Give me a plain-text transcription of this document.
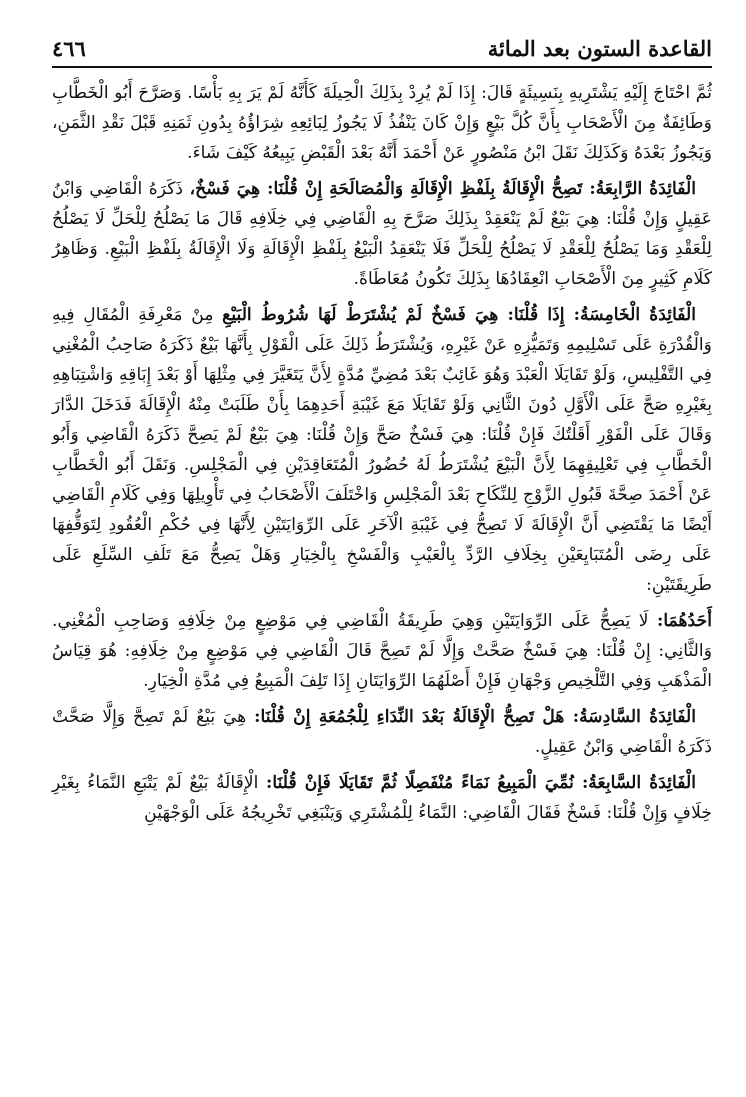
القاعدة الستون بعد المائة
٤٦٦

ثُمَّ احْتَاجَ إِلَيْهِ يَشْتَرِيهِ بِنَسِيئَةٍ قَالَ: إِذَا لَمْ يُرِدْ بِذَلِكَ الْحِيلَةَ كَأَنَّهُ لَمْ يَرَ بِهِ بَأْسًا. وَصَرَّحَ أَبُو الْخَطَّابِ وَطَائِفَةٌ مِنَ الْأَصْحَابِ بِأَنَّ كُلَّ بَيْعٍ وَإِنْ كَانَ يَنْفُذُ لَا يَجُوزُ لِبَائِعِهِ شِرَاؤُهُ بِدُونِ ثَمَنِهِ قَبْلَ نَقْدِ الثَّمَنِ، وَيَجُوزُ بَعْدَهُ وَكَذَلِكَ نَقَلَ ابْنُ مَنْصُورٍ عَنْ أَحْمَدَ أَنَّهُ بَعْدَ الْقَبْضِ يَبِيعُهُ كَيْفَ شَاءَ.

الْفَائِدَةُ الرَّابِعَةُ: تَصِحُّ الْإِقَالَةُ بِلَفْظِ الْإِقَالَةِ وَالْمُصَالَحَةِ إِنْ قُلْنَا: هِيَ فَسْخٌ، ذَكَرَهُ الْقَاضِي وَابْنُ عَقِيلٍ وَإِنْ قُلْنَا: هِيَ بَيْعٌ لَمْ يَنْعَقِدْ بِذَلِكَ صَرَّحَ بِهِ الْقَاضِي فِي خِلَافِهِ قَالَ مَا يَصْلُحُ لِلْحَلِّ لَا يَصْلُحُ لِلْعَقْدِ وَمَا يَصْلُحُ لِلْعَقْدِ لَا يَصْلُحُ لِلْحَلِّ فَلَا يَنْعَقِدُ الْبَيْعُ بِلَفْظِ الْإِقَالَةِ وَلَا الْإِقَالَةُ بِلَفْظِ الْبَيْعِ. وَظَاهِرُ كَلَامِ كَثِيرٍ مِنَ الْأَصْحَابِ انْعِقَادُهَا بِذَلِكَ تَكُونُ مُعَاطَاةً.

الْفَائِدَةُ الْخَامِسَةُ: إِذَا قُلْنَا: هِيَ فَسْخٌ لَمْ يُشْتَرَطْ لَهَا شُرُوطُ الْبَيْعِ مِنْ مَعْرِفَةِ الْمُقَالِ فِيهِ وَالْقُدْرَةِ عَلَى تَسْلِيمِهِ وَتَمَيُّزِهِ عَنْ غَيْرِهِ، وَيُشْتَرَطُ ذَلِكَ عَلَى الْقَوْلِ بِأَنَّهَا بَيْعٌ ذَكَرَهُ صَاحِبُ الْمُغْنِي فِي التَّفْلِيسِ، وَلَوْ تَقَايَلَا الْعَبْدَ وَهُوَ غَائِبٌ بَعْدَ مُضِيِّ مُدَّةٍ لِأَنَّ يَتَغَيَّرَ فِي مِثْلِهَا أَوْ بَعْدَ إِبَاقِهِ وَاشْتِبَاهِهِ بِغَيْرِهِ صَحَّ عَلَى الْأَوَّلِ دُونَ الثَّانِي وَلَوْ تَقَايَلَا مَعَ غَيْبَةِ أَحَدِهِمَا بِأَنْ طَلَبَتْ مِنْهُ الْإِقَالَةَ فَدَخَلَ الدَّارَ وَقَالَ عَلَى الْفَوْرِ أَقَلْتُكَ فَإِنْ قُلْنَا: هِيَ فَسْخٌ صَحَّ وَإِنْ قُلْنَا: هِيَ بَيْعٌ لَمْ يَصِحَّ ذَكَرَهُ الْقَاضِي وَأَبُو الْخَطَّابِ فِي تَعْلِيقِهِمَا لِأَنَّ الْبَيْعَ يُشْتَرَطُ لَهُ حُضُورُ الْمُتَعَاقِدَيْنِ فِي الْمَجْلِسِ. وَنَقَلَ أَبُو الْخَطَّابِ عَنْ أَحْمَدَ صِحَّةَ قَبُولِ الزَّوْجِ لِلنِّكَاحِ بَعْدَ الْمَجْلِسِ وَاخْتَلَفَ الْأَصْحَابُ فِي تَأْوِيلِهَا وَفِي كَلَامِ الْقَاضِي أَيْضًا مَا يَقْتَضِي أَنَّ الْإِقَالَةَ لَا تَصِحُّ فِي غَيْبَةِ الْآخَرِ عَلَى الرِّوَايَتَيْنِ لِأَنَّهَا فِي حُكْمِ الْعُقُودِ لِتَوَقُّفِهَا عَلَى رِضَى الْمُتَبَايِعَيْنِ بِخِلَافِ الرَّدِّ بِالْعَيْبِ وَالْفَسْخِ بِالْخِيَارِ وَهَلْ يَصِحُّ مَعَ تَلَفِ السِّلَعِ عَلَى طَرِيقَتَيْنِ:

أَحَدُهُمَا: لَا يَصِحُّ عَلَى الرِّوَايَتَيْنِ وَهِيَ طَرِيقَةُ الْقَاضِي فِي مَوْضِعٍ مِنْ خِلَافِهِ وَصَاحِبِ الْمُغْنِي. وَالثَّانِي: إِنْ قُلْنَا: هِيَ فَسْخٌ صَحَّتْ وَإِلَّا لَمْ تَصِحَّ قَالَ الْقَاضِي فِي مَوْضِعٍ مِنْ خِلَافِهِ: هُوَ قِيَاسُ الْمَذْهَبِ وَفِي التَّلْخِيصِ وَجْهَانِ فَإِنْ أَصْلَهُمَا الرِّوَايَتَانِ إِذَا تَلِفَ الْمَبِيعُ فِي مُدَّةِ الْخِيَارِ.

الْفَائِدَةُ السَّادِسَةُ: هَلْ تَصِحُّ الْإِقَالَةُ بَعْدَ النِّدَاءِ لِلْجُمُعَةِ إِنْ قُلْنَا: هِيَ بَيْعٌ لَمْ تَصِحَّ وَإِلَّا صَحَّتْ ذَكَرَهُ الْقَاضِي وَابْنُ عَقِيلٍ.

الْفَائِدَةُ السَّابِعَةُ: نُمِّيَ الْمَبِيعُ نَمَاءً مُنْفَصِلًا ثُمَّ تَقَايَلَا فَإِنْ قُلْنَا: الْإِقَالَةُ بَيْعٌ لَمْ يَتْبَعِ النَّمَاءُ بِغَيْرِ خِلَافٍ وَإِنْ قُلْنَا: فَسْخٌ فَقَالَ الْقَاضِي: النَّمَاءُ لِلْمُشْتَرِي وَيَنْبَغِي تَخْرِيجُهُ عَلَى الْوَجْهَيْنِ
